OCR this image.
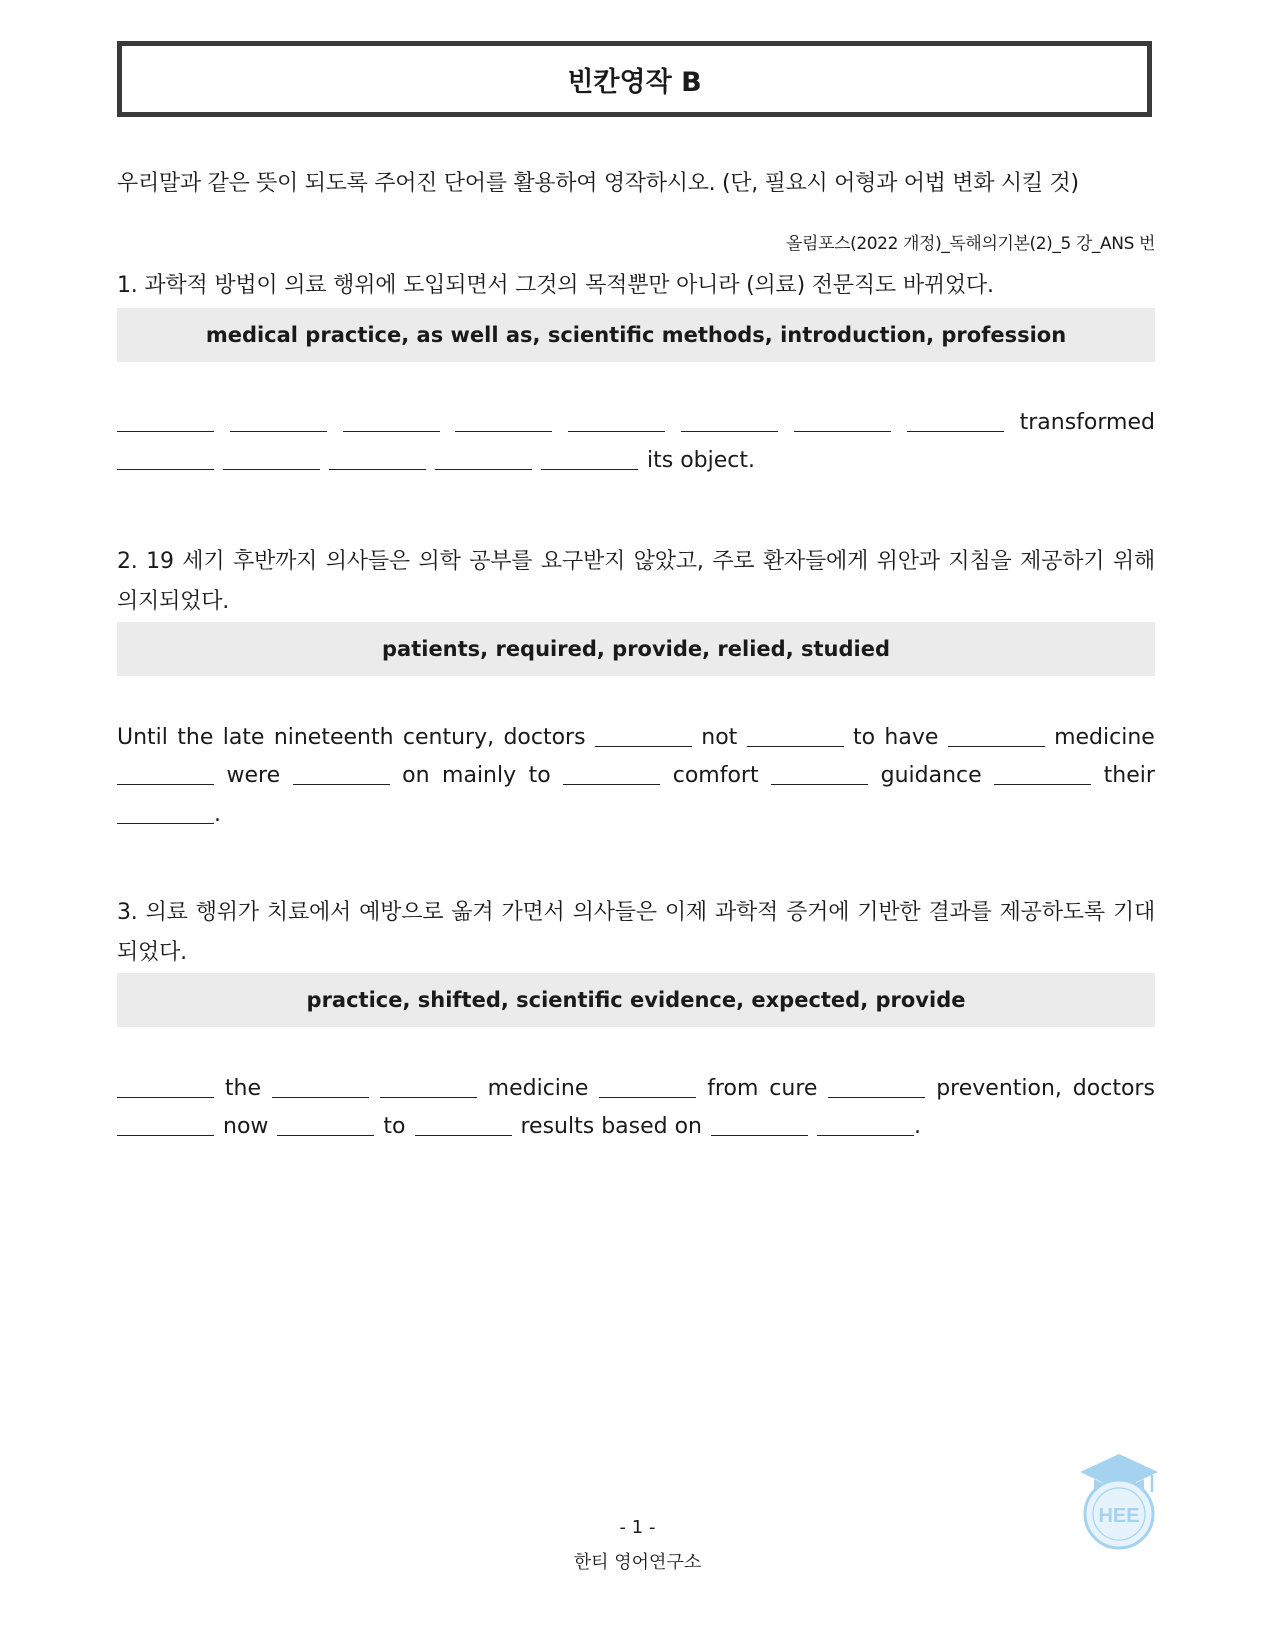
빈칸영작 B
우리말과 같은 뜻이 되도록 주어진 단어를 활용하여 영작하시오. (단, 필요시 어형과 어법 변화 시킬 것)
올림포스(2022 개정)_독해의기본(2)_5 강_ANS 번
1. 과학적 방법이 의료 행위에 도입되면서 그것의 목적뿐만 아니라 (의료) 전문직도 바뀌었다.
medical practice, as well as, scientific methods, introduction, profession
transformed
its object.
2. 19 세기 후반까지 의사들은 의학 공부를 요구받지 않았고, 주로 환자들에게 위안과 지침을 제공하기 위해 의지되었다.
patients, required, provide, relied, studied
Until the late nineteenth century, doctors	not	to have	medicine
were	on mainly to	comfort	guidance	their
.
3. 의료 행위가 치료에서 예방으로 옮겨 가면서 의사들은 이제 과학적 증거에 기반한 결과를 제공하도록 기대되었다.
practice, shifted, scientific evidence, expected, provide
the	medicine	from cure	prevention, doctors
now	to	results based on	.
- 1 -
한티 영어연구소
HEE
